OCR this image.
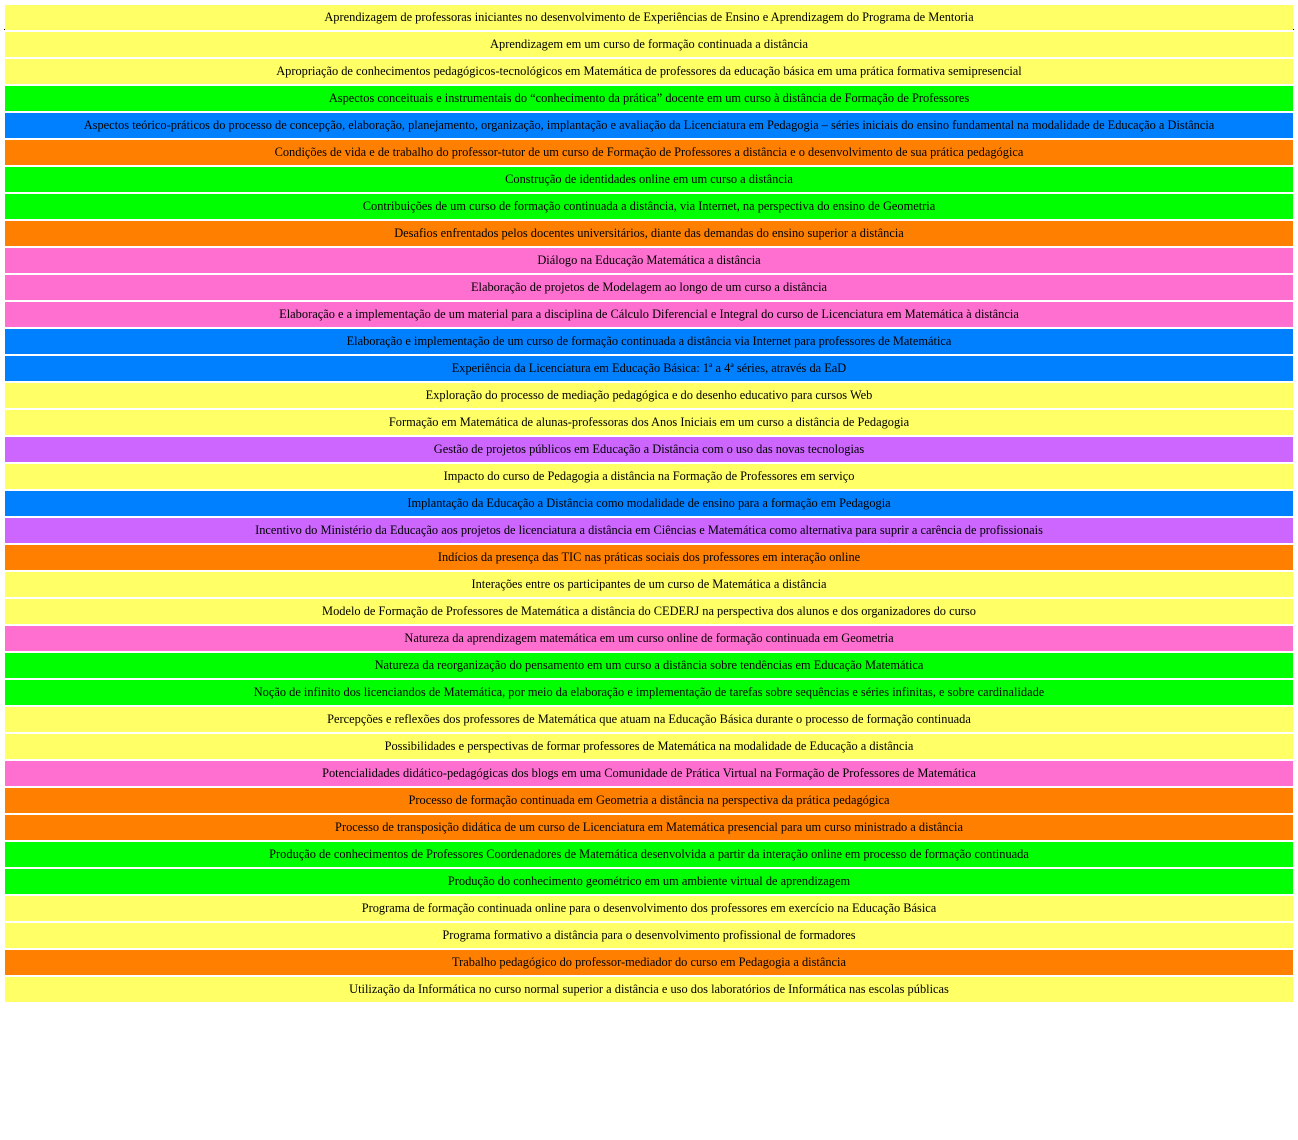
Aprendizagem de professoras iniciantes no desenvolvimento de Experiências de Ensino e Aprendizagem do Programa de Mentoria
Aprendizagem em um curso de formação continuada a distância
Apropriação de conhecimentos pedagógicos-tecnológicos em Matemática de professores da educação básica em uma prática formativa semipresencial
Aspectos conceituais e instrumentais do “conhecimento da prática” docente em um curso à distância de Formação de Professores
Aspectos teórico-práticos do processo de concepção, elaboração, planejamento, organização, implantação e avaliação da Licenciatura em Pedagogia – séries iniciais do ensino fundamental na modalidade de Educação a Distância
Condições de vida e de trabalho do professor-tutor de um curso de Formação de Professores a distância e o desenvolvimento de sua prática pedagógica
Construção de identidades online em um curso a distância
Contribuições de um curso de formação continuada a distância, via Internet, na perspectiva do ensino de Geometria
Desafios enfrentados pelos docentes universitários, diante das demandas do ensino superior a distância
Diálogo na Educação Matemática a distância
Elaboração de projetos de Modelagem ao longo de um curso a distância
Elaboração e a implementação de um material para a disciplina de Cálculo Diferencial e Integral do curso de Licenciatura em Matemática à distância
Elaboração e implementação de um curso de formação continuada a distância via Internet para professores de Matemática
Experiência da Licenciatura em Educação Básica: 1ª a 4ª séries, através da EaD
Exploração do processo de mediação pedagógica e do desenho educativo para cursos Web
Formação em Matemática de alunas-professoras dos Anos Iniciais em um curso a distância de Pedagogia
Gestão de projetos públicos em Educação a Distância com o uso das novas tecnologias
Impacto do curso de Pedagogia a distância na Formação de Professores em serviço
Implantação da Educação a Distância como modalidade de ensino para a formação em Pedagogia
Incentivo do Ministério da Educação aos projetos de licenciatura a distância em Ciências e Matemática como alternativa para suprir a carência de profissionais
Indícios da presença das TIC nas práticas sociais dos professores em interação online
Interações entre os participantes de um curso de Matemática a distância
Modelo de Formação de Professores de Matemática a distância do CEDERJ na perspectiva dos alunos e dos organizadores do curso
Natureza da aprendizagem matemática em um curso online de formação continuada em Geometria
Natureza da reorganização do pensamento em um curso a distância sobre tendências em Educação Matemática
Noção de infinito dos licenciandos de Matemática, por meio da elaboração e implementação de tarefas sobre sequências e séries infinitas, e sobre cardinalidade
Percepções e reflexões dos professores de Matemática que atuam na Educação Básica durante o processo de formação continuada
Possibilidades e perspectivas de formar professores de Matemática na modalidade de Educação a distância
Potencialidades didático-pedagógicas dos blogs em uma Comunidade de Prática Virtual na Formação de Professores de Matemática
Processo de formação continuada em Geometria a distância na perspectiva da prática pedagógica
Processo de transposição didática de um curso de Licenciatura em Matemática presencial para um curso ministrado a distância
Produção de conhecimentos de Professores Coordenadores de Matemática desenvolvida a partir da interação online em processo de formação continuada
Produção do conhecimento geométrico em um ambiente virtual de aprendizagem
Programa de formação continuada online para o desenvolvimento dos professores em exercício na Educação Básica
Programa formativo a distância para o desenvolvimento profissional de formadores
Trabalho pedagógico do professor-mediador do curso em Pedagogia a distância
Utilização da Informática no curso normal superior a distância e uso dos laboratórios de Informática nas escolas públicas
